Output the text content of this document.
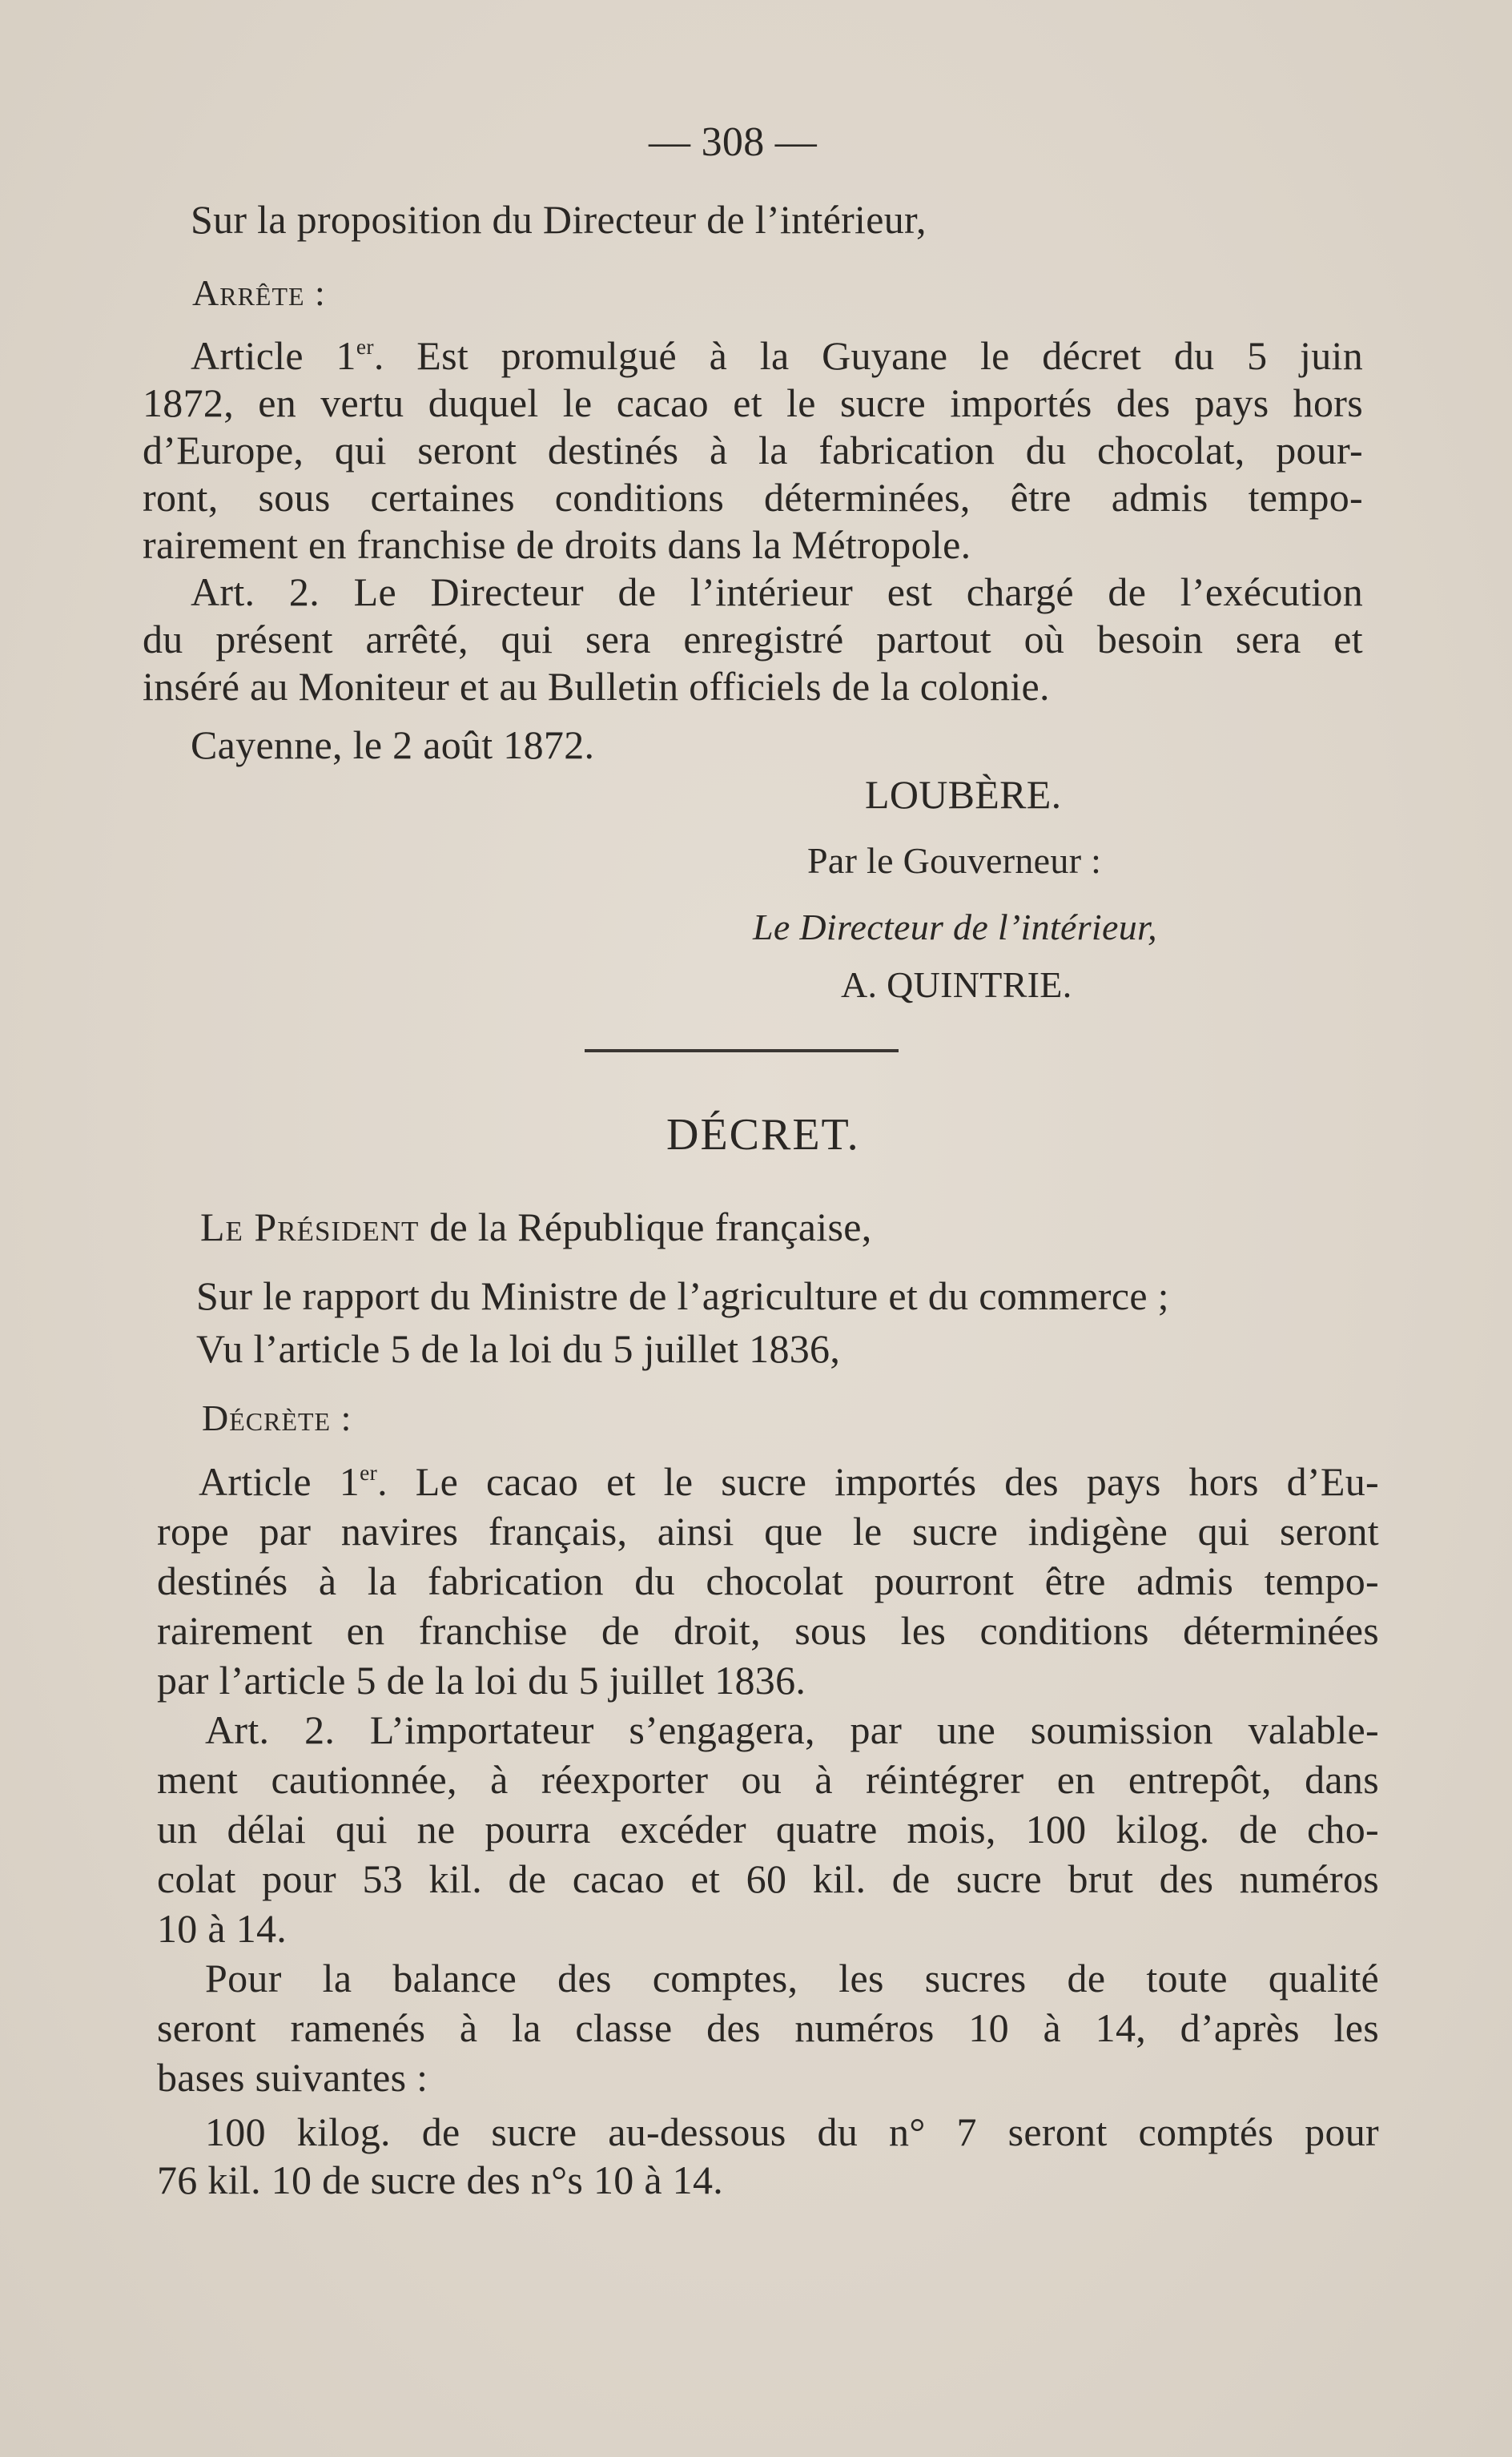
— 308 —
Sur la proposition du Directeur de l’intérieur,
Arrête :
Article 1er. Est promulgué à la Guyane le décret du 5 juin
1872, en vertu duquel le cacao et le sucre importés des pays hors
d’Europe, qui seront destinés à la fabrication du chocolat, pour-
ront, sous certaines conditions déterminées, être admis tempo-
rairement en franchise de droits dans la Métropole.
Art. 2. Le Directeur de l’intérieur est chargé de l’exécution
du présent arrêté, qui sera enregistré partout où besoin sera et
inséré au Moniteur et au Bulletin officiels de la colonie.
Cayenne, le 2 août 1872.
LOUBÈRE.
Par le Gouverneur :
Le Directeur de l’intérieur,
A. QUINTRIE.
DÉCRET.
Le Président de la République française,
Sur le rapport du Ministre de l’agriculture et du commerce ;
Vu l’article 5 de la loi du 5 juillet 1836,
Décrète :
Article 1er. Le cacao et le sucre importés des pays hors d’Eu-
rope par navires français, ainsi que le sucre indigène qui seront
destinés à la fabrication du chocolat pourront être admis tempo-
rairement en franchise de droit, sous les conditions déterminées
par l’article 5 de la loi du 5 juillet 1836.
Art. 2. L’importateur s’engagera, par une soumission valable-
ment cautionnée, à réexporter ou à réintégrer en entrepôt, dans
un délai qui ne pourra excéder quatre mois, 100 kilog. de cho-
colat pour 53 kil. de cacao et 60 kil. de sucre brut des numéros
10 à 14.
Pour la balance des comptes, les sucres de toute qualité
seront ramenés à la classe des numéros 10 à 14, d’après les
bases suivantes :
100 kilog. de sucre au-dessous du n° 7 seront comptés pour
76 kil. 10 de sucre des n°s 10 à 14.
